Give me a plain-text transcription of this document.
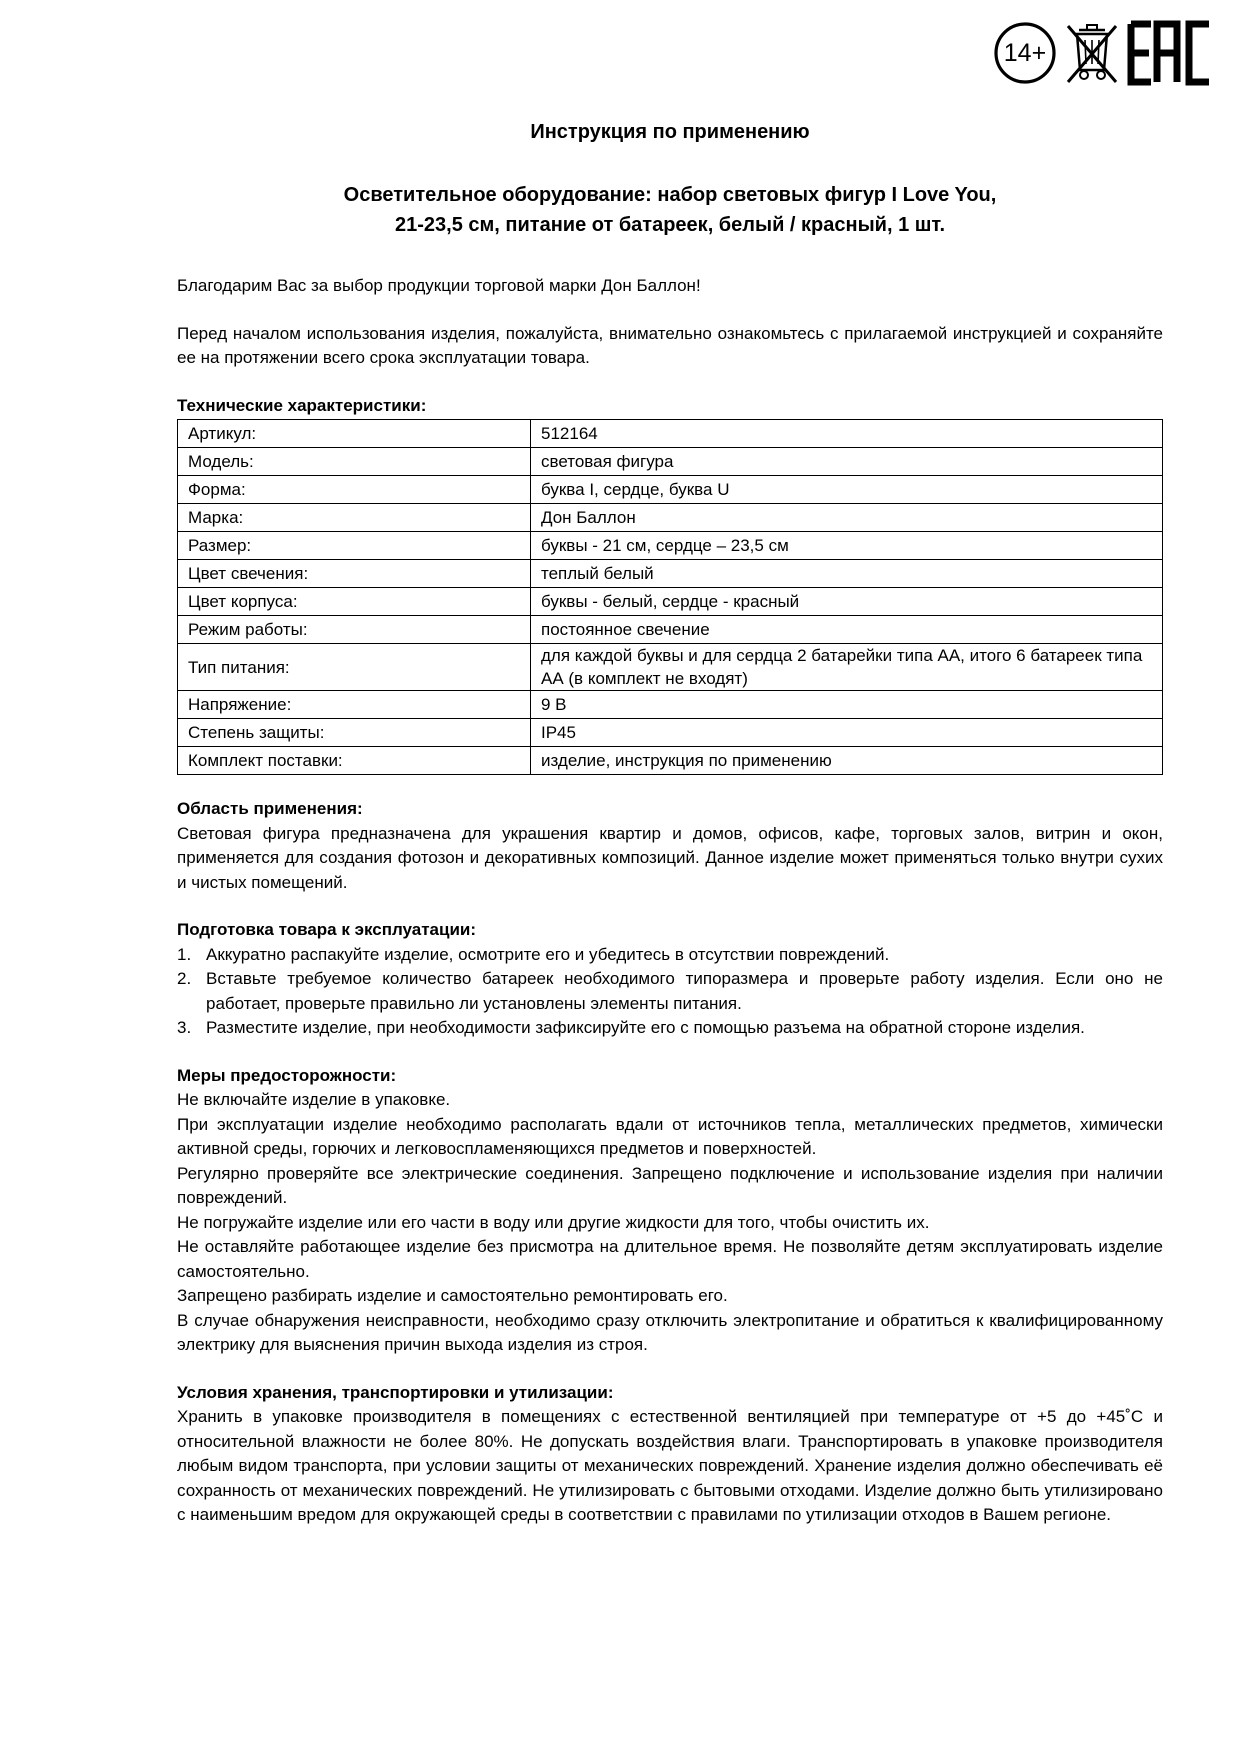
14+
Инструкция по применению
Осветительное оборудование: набор световых фигур I Love You,
21-23,5 см, питание от батареек, белый / красный, 1 шт.

Благодарим Вас за выбор продукции торговой марки Дон Баллон!

Перед началом использования изделия, пожалуйста, внимательно ознакомьтесь с прилагаемой инструкцией и сохраняйте ее на протяжении всего срока эксплуатации товара.

Технические характеристики:

Артикул:	512164
Модель:	световая фигура
Форма:	буква I, сердце, буква U
Марка:	Дон Баллон
Размер:	буквы - 21 см, сердце – 23,5 см
Цвет свечения:	теплый белый
Цвет корпуса:	буквы - белый, сердце - красный
Режим работы:	постоянное свечение
Тип питания:	для каждой буквы и для сердца 2 батарейки типа АА, итого 6 батареек типа АА (в комплект не входят)
Напряжение:	9 В
Степень защиты:	IP45
Комплект поставки:	изделие, инструкция по применению

Область применения:

Световая фигура предназначена для украшения квартир и домов, офисов, кафе, торговых залов, витрин и окон, применяется для создания фотозон и декоративных композиций. Данное изделие может применяться только внутри сухих и чистых помещений.

Подготовка товара к эксплуатации:

1. Аккуратно распакуйте изделие, осмотрите его и убедитесь в отсутствии повреждений.
2. Вставьте требуемое количество батареек необходимого типоразмера и проверьте работу изделия. Если оно не работает, проверьте правильно ли установлены элементы питания.
3. Разместите изделие, при необходимости зафиксируйте его с помощью разъема на обратной стороне изделия.

Меры предосторожности:

Не включайте изделие в упаковке.

При эксплуатации изделие необходимо располагать вдали от источников тепла, металлических предметов, химически активной среды, горючих и легковоспламеняющихся предметов и поверхностей.

Регулярно проверяйте все электрические соединения. Запрещено подключение и использование изделия при наличии повреждений.

Не погружайте изделие или его части в воду или другие жидкости для того, чтобы очистить их.

Не оставляйте работающее изделие без присмотра на длительное время. Не позволяйте детям эксплуатировать изделие самостоятельно.

Запрещено разбирать изделие и самостоятельно ремонтировать его.

В случае обнаружения неисправности, необходимо сразу отключить электропитание и обратиться к квалифицированному электрику для выяснения причин выхода изделия из строя.

Условия хранения, транспортировки и утилизации:

Хранить в упаковке производителя в помещениях с естественной вентиляцией при температуре от +5 до +45˚С и относительной влажности не более 80%. Не допускать воздействия влаги. Транспортировать в упаковке производителя любым видом транспорта, при условии защиты от механических повреждений. Хранение изделия должно обеспечивать её сохранность от механических повреждений. Не утилизировать с бытовыми отходами. Изделие должно быть утилизировано с наименьшим вредом для окружающей среды в соответствии с правилами по утилизации отходов в Вашем регионе.
